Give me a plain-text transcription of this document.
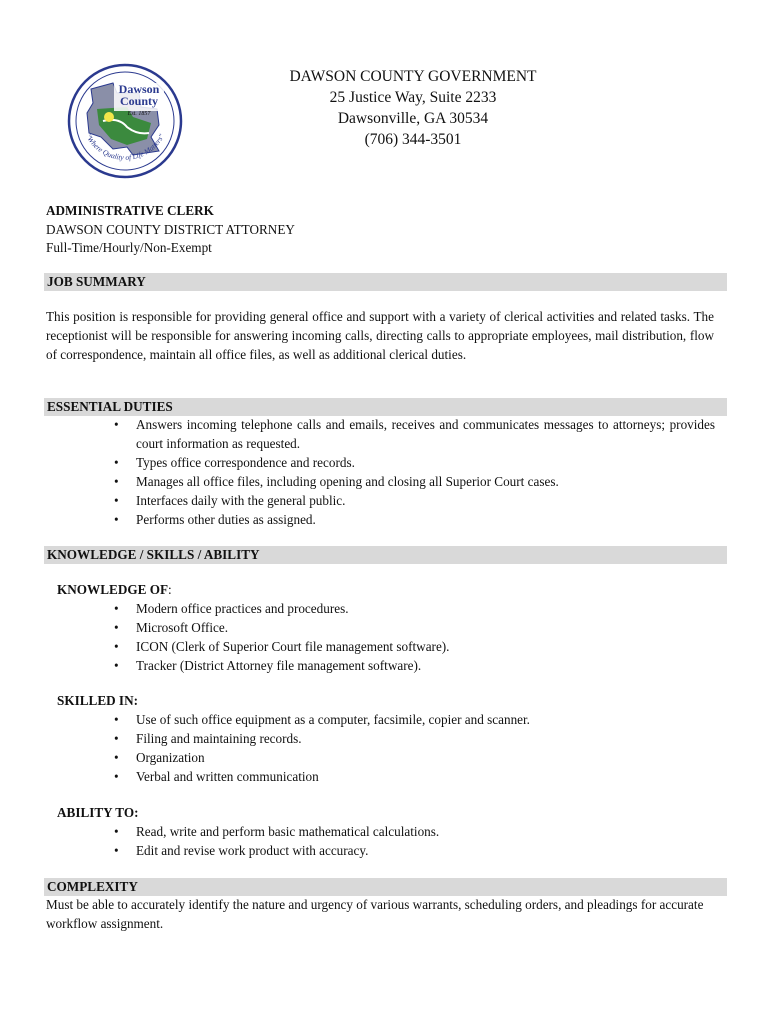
Dawson
County
Est. 1857
"Where Quality of Life Matters"
DAWSON COUNTY GOVERNMENT
25 Justice Way, Suite 2233
Dawsonville, GA 30534
(706) 344-3501
ADMINISTRATIVE CLERK
DAWSON COUNTY DISTRICT ATTORNEY
Full-Time/Hourly/Non-Exempt
JOB SUMMARY
This position is responsible for providing general office and support with a variety of clerical activities and related tasks. The receptionist will be responsible for answering incoming calls, directing calls to appropriate employees, mail distribution, flow of correspondence, maintain all office files, as well as additional clerical duties.
ESSENTIAL DUTIES
• Answers incoming telephone calls and emails, receives and communicates messages to attorneys; provides court information as requested.
• Types office correspondence and records.
• Manages all office files, including opening and closing all Superior Court cases.
• Interfaces daily with the general public.
• Performs other duties as assigned.
KNOWLEDGE / SKILLS / ABILITY
KNOWLEDGE OF:
• Modern office practices and procedures.
• Microsoft Office.
• ICON (Clerk of Superior Court file management software).
• Tracker (District Attorney file management software).
SKILLED IN:
• Use of such office equipment as a computer, facsimile, copier and scanner.
• Filing and maintaining records.
• Organization
• Verbal and written communication
ABILITY TO:
• Read, write and perform basic mathematical calculations.
• Edit and revise work product with accuracy.
COMPLEXITY
Must be able to accurately identify the nature and urgency of various warrants, scheduling orders, and pleadings for accurate workflow assignment.
